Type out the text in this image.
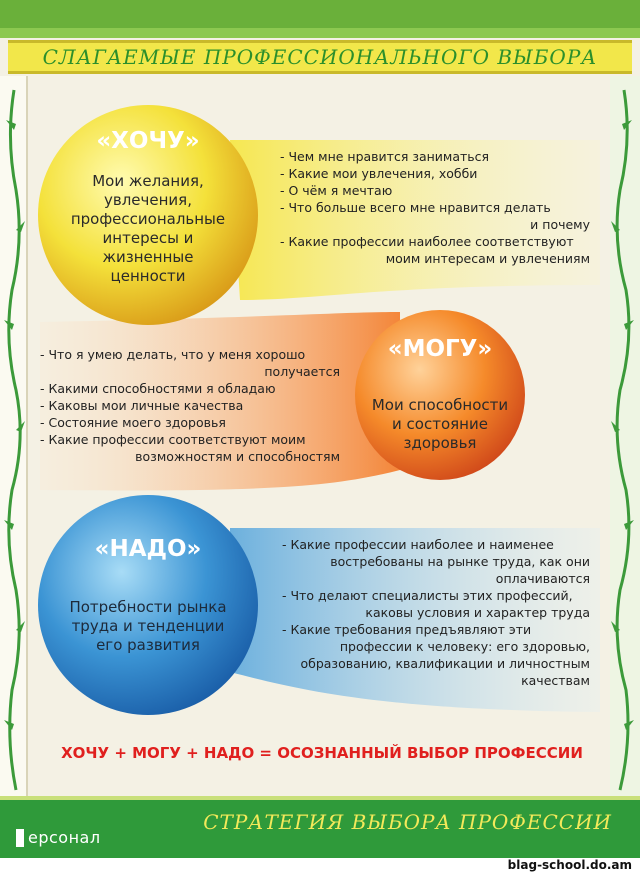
СЛАГАЕМЫЕ ПРОФЕССИОНАЛЬНОГО ВЫБОРА
«ХОЧУ»
Мои желания,
увлечения,
профессиональные
интересы и
жизненные
ценности
- Чем мне нравится заниматься
- Какие мои увлечения, хобби
- О чём я мечтаю
- Что больше всего мне нравится делать
и почему
- Какие профессии наиболее соответствуют
моим интересам и увлечениям
«МОГУ»
Мои способности
и состояние
здоровья
- Что я умею делать, что у меня хорошо
получается
- Какими способностями я обладаю
- Каковы мои личные качества
- Состояние моего здоровья
- Какие профессии соответствуют моим
возможностям и способностям
«НАДО»
Потребности рынка
труда и тенденции
его развития
- Какие профессии наиболее и наименее
востребованы на рынке труда, как они
оплачиваются
- Что делают специалисты этих профессий,
каковы условия и характер труда
- Какие требования предъявляют эти
профессии к человеку: его здоровью,
образованию, квалификации и личностным
качествам
ХОЧУ + МОГУ + НАДО = ОСОЗНАННЫЙ ВЫБОР ПРОФЕССИИ
СТРАТЕГИЯ ВЫБОРА ПРОФЕССИИ
ерсонал
blag-school.do.am
